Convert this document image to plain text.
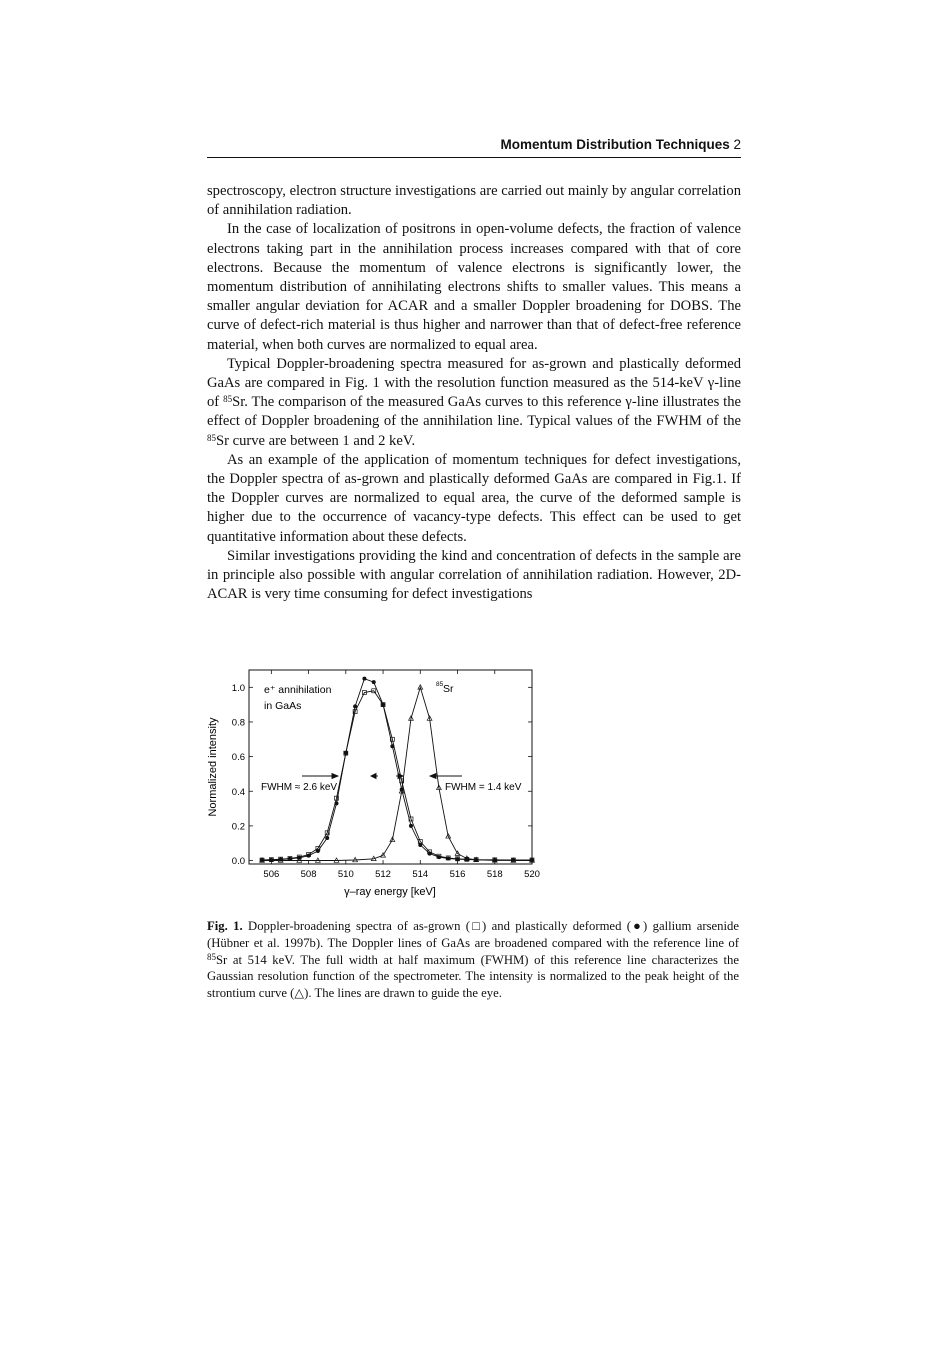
Momentum Distribution Techniques 2

spectroscopy, electron structure investigations are carried out mainly by angular correlation of annihilation radiation.

In the case of localization of positrons in open-volume defects, the fraction of valence electrons taking part in the annihilation process increases compared with that of core electrons. Because the momentum of valence electrons is significantly lower, the momentum distribution of annihilating electrons shifts to smaller values. This means a smaller angular deviation for ACAR and a smaller Doppler broadening for DOBS. The curve of defect-rich material is thus higher and narrower than that of defect-free reference material, when both curves are normalized to equal area.

Typical Doppler-broadening spectra measured for as-grown and plastically deformed GaAs are compared in Fig. 1 with the resolution function measured as the 514-keV γ-line of $^{85}$Sr. The comparison of the measured GaAs curves to this reference γ-line illustrates the effect of Doppler broadening of the annihilation line. Typical values of the FWHM of the $^{85}$Sr curve are between 1 and 2 keV.

As an example of the application of momentum techniques for defect investigations, the Doppler spectra of as-grown and plastically deformed GaAs are compared in Fig.1. If the Doppler curves are normalized to equal area, the curve of the deformed sample is higher due to the occurrence of vacancy-type defects. This effect can be used to get quantitative information about these defects.

Similar investigations providing the kind and concentration of defects in the sample are in principle also possible with angular correlation of annihilation radiation. However, 2D-ACAR is very time consuming for defect investigations

506 508 510 512 514 516 518 520
0.0
0.2
0.4
0.6
0.8
1.0 e⁺ annihilation
in GaAs
85 Sr
FWHM ≈ 2.6 keV	FWHM = 1.4 keV
γ–ray energy [keV]
Normalized intensity
Fig. 1. Doppler-broadening spectra of as-grown (□) and plastically deformed (●) gallium arsenide (Hübner et al. 1997b). The Doppler lines of GaAs are broadened compared with the reference line of $^{85}$Sr at 514 keV. The full width at half maximum (FWHM) of this reference line characterizes the Gaussian resolution function of the spectrometer. The intensity is normalized to the peak height of the strontium curve (△). The lines are drawn to guide the eye.
